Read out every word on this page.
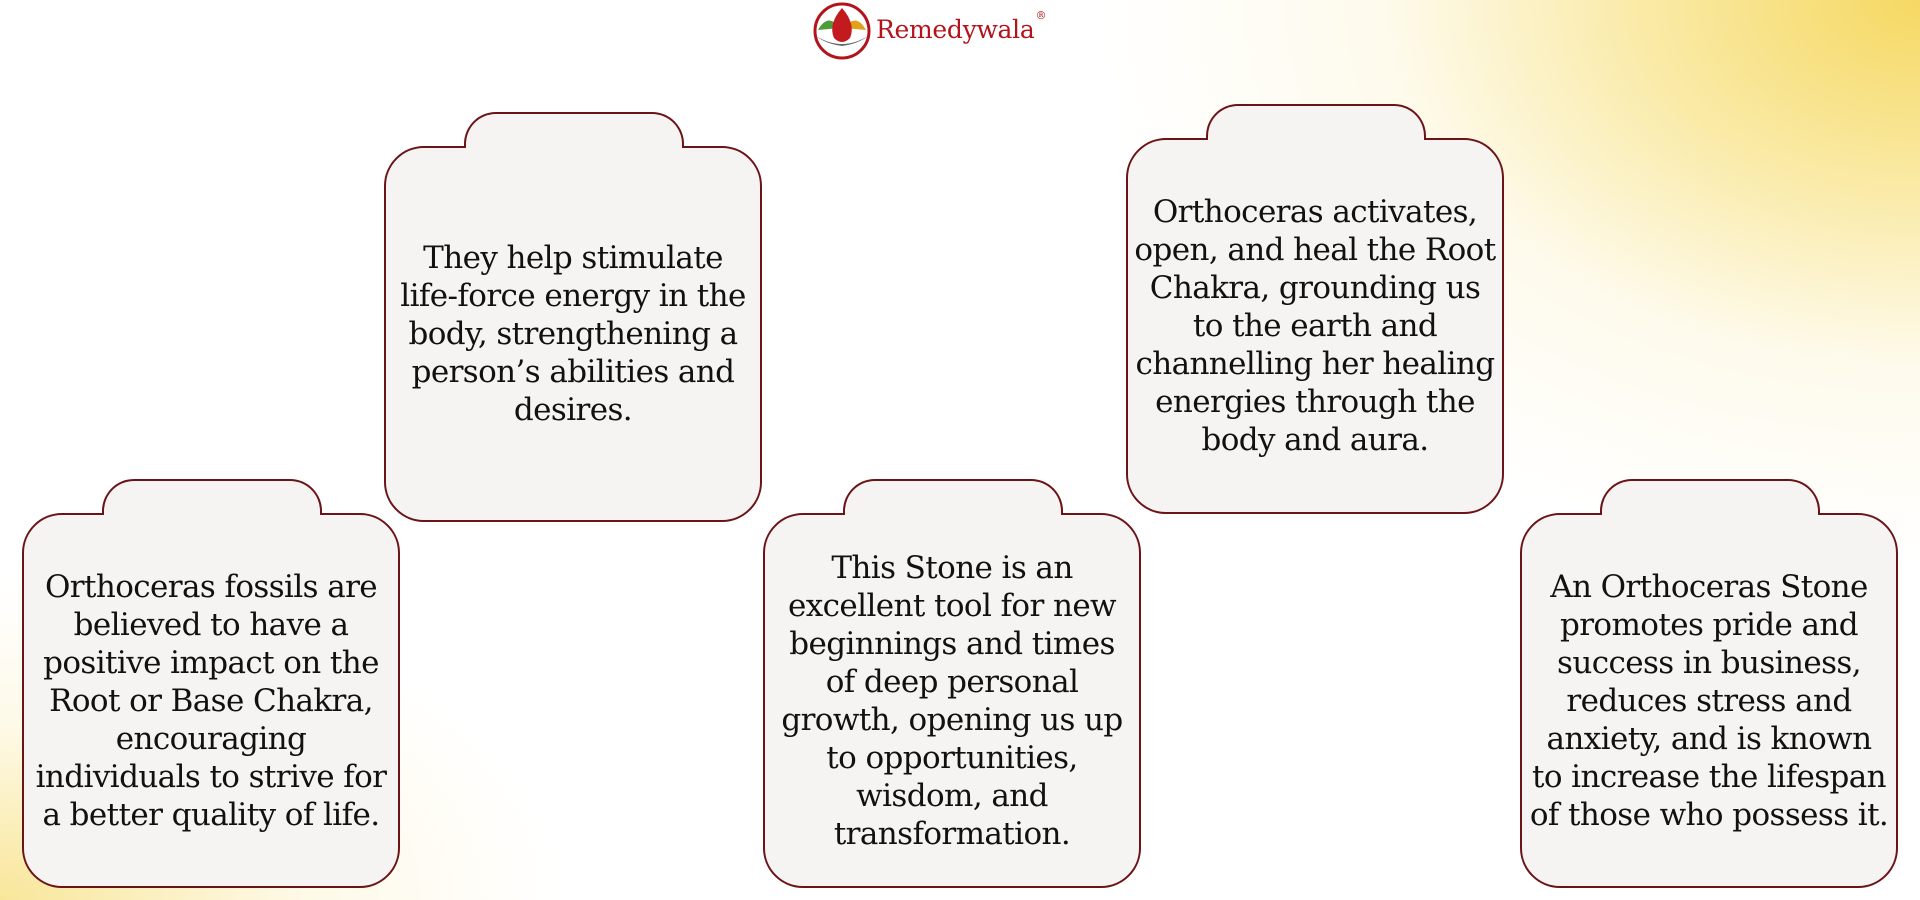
Remedywala®
Orthoceras fossils are believed to have a positive impact on the Root or Base Chakra, encouraging individuals to strive for a better quality of life.
They help stimulate life-force energy in the body, strengthening a person’s abilities and desires.
This Stone is an excellent tool for new beginnings and times of deep personal growth, opening us up to opportunities, wisdom, and transformation.
Orthoceras activates, open, and heal the Root Chakra, grounding us to the earth and channelling her healing energies through the body and aura.
An Orthoceras Stone promotes pride and success in business, reduces stress and anxiety, and is known to increase the lifespan of those who possess it.
